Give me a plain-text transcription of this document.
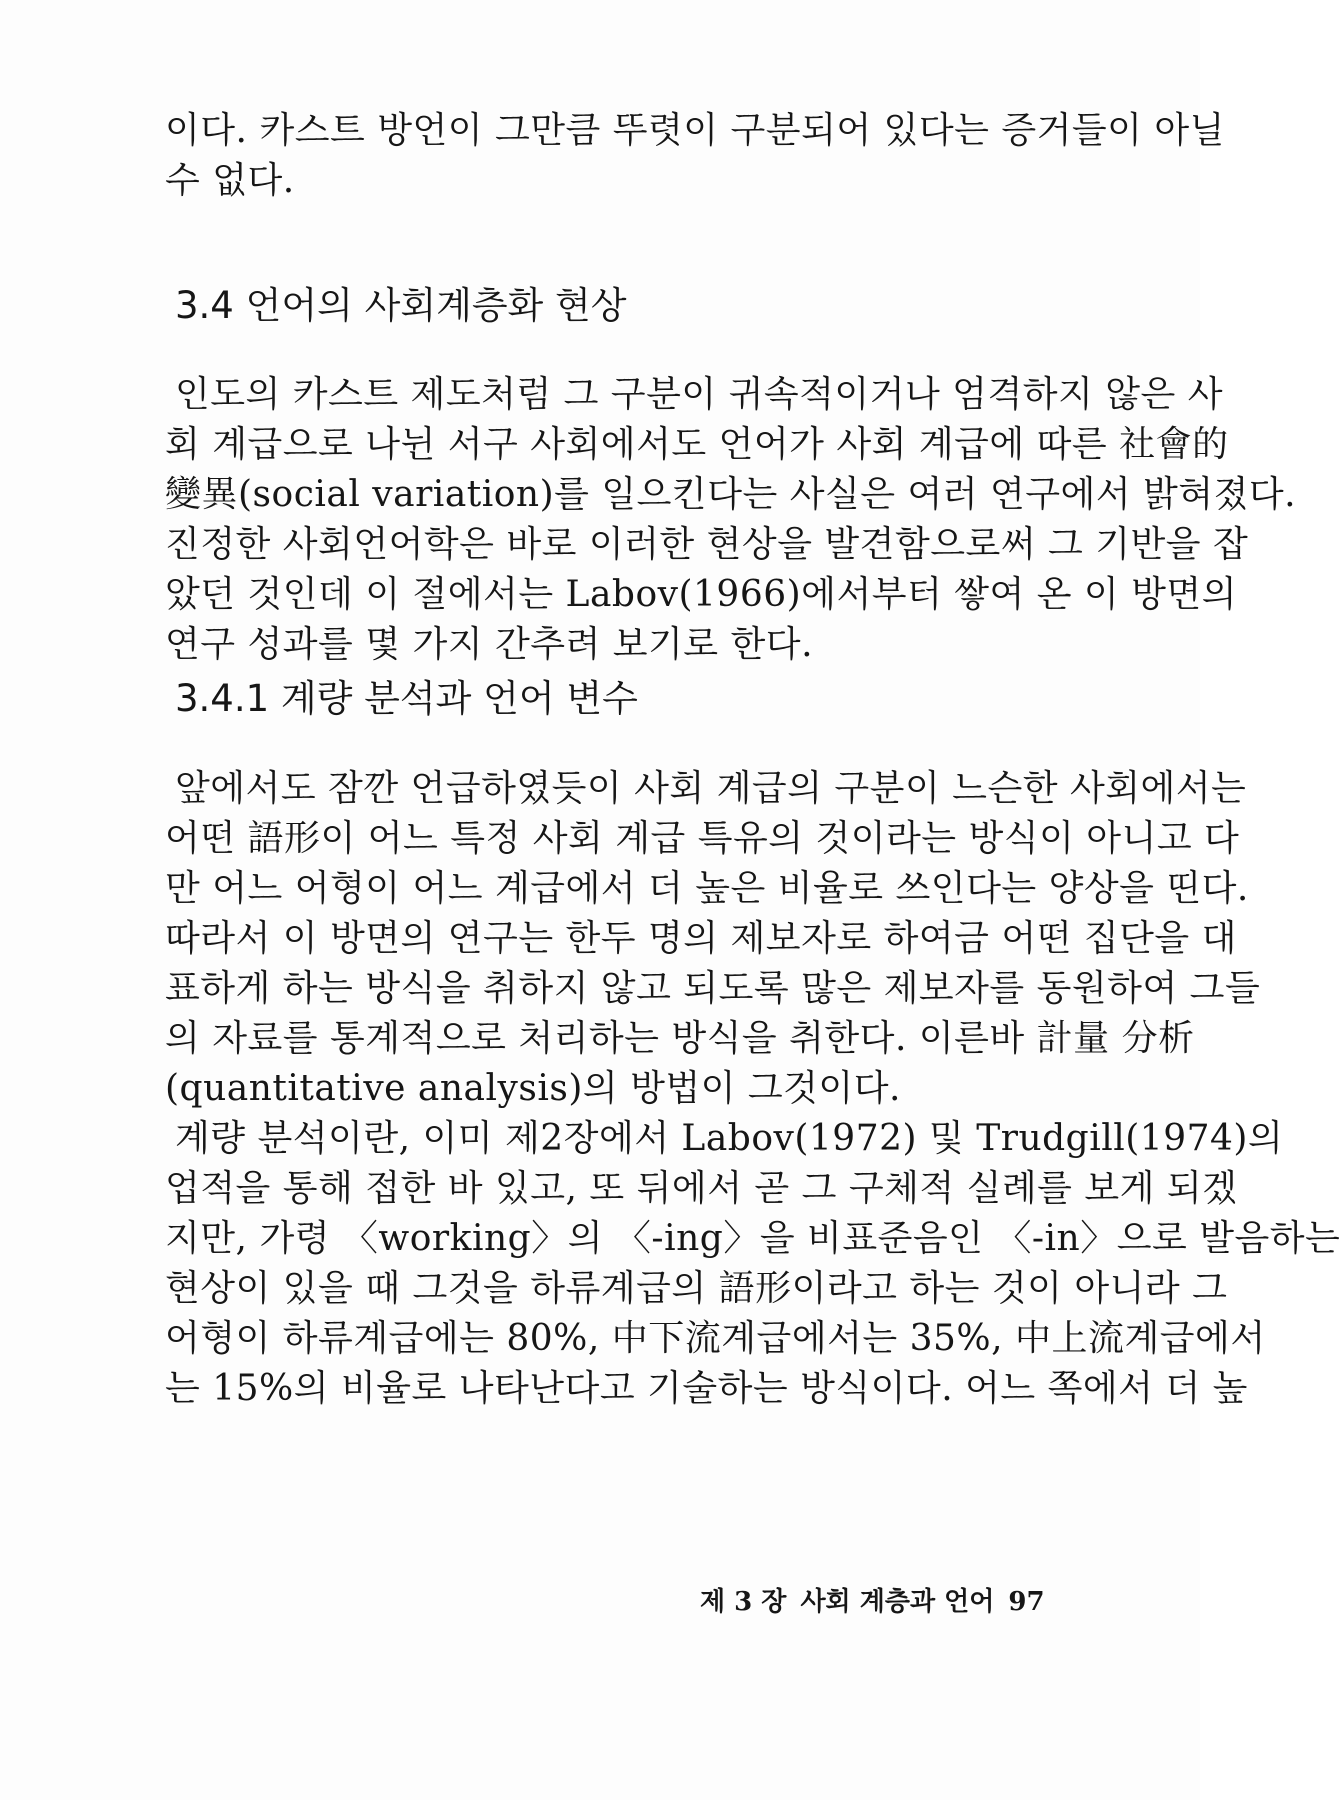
이다. 카스트 방언이 그만큼 뚜렷이 구분되어 있다는 증거들이 아닐
수 없다.
3.4 언어의 사회계층화 현상
인도의 카스트 제도처럼 그 구분이 귀속적이거나 엄격하지 않은 사
회 계급으로 나뉜 서구 사회에서도 언어가 사회 계급에 따른 社會的
變異(social variation)를 일으킨다는 사실은 여러 연구에서 밝혀졌다.
진정한 사회언어학은 바로 이러한 현상을 발견함으로써 그 기반을 잡
았던 것인데 이 절에서는 Labov(1966)에서부터 쌓여 온 이 방면의
연구 성과를 몇 가지 간추려 보기로 한다.
3.4.1 계량 분석과 언어 변수
앞에서도 잠깐 언급하였듯이 사회 계급의 구분이 느슨한 사회에서는
어떤 語形이 어느 특정 사회 계급 특유의 것이라는 방식이 아니고 다
만 어느 어형이 어느 계급에서 더 높은 비율로 쓰인다는 양상을 띤다.
따라서 이 방면의 연구는 한두 명의 제보자로 하여금 어떤 집단을 대
표하게 하는 방식을 취하지 않고 되도록 많은 제보자를 동원하여 그들
의 자료를 통계적으로 처리하는 방식을 취한다. 이른바 計量 分析
(quantitative analysis)의 방법이 그것이다.
계량 분석이란, 이미 제2장에서 Labov(1972) 및 Trudgill(1974)의
업적을 통해 접한 바 있고, 또 뒤에서 곧 그 구체적 실례를 보게 되겠
지만, 가령 〈working〉의 〈-ing〉을 비표준음인 〈-in〉으로 발음하는
현상이 있을 때 그것을 하류계급의 語形이라고 하는 것이 아니라 그
어형이 하류계급에는 80%, 中下流계급에서는 35%, 中上流계급에서
는 15%의 비율로 나타난다고 기술하는 방식이다. 어느 쪽에서 더 높
제 3 장 사회 계층과 언어 97
